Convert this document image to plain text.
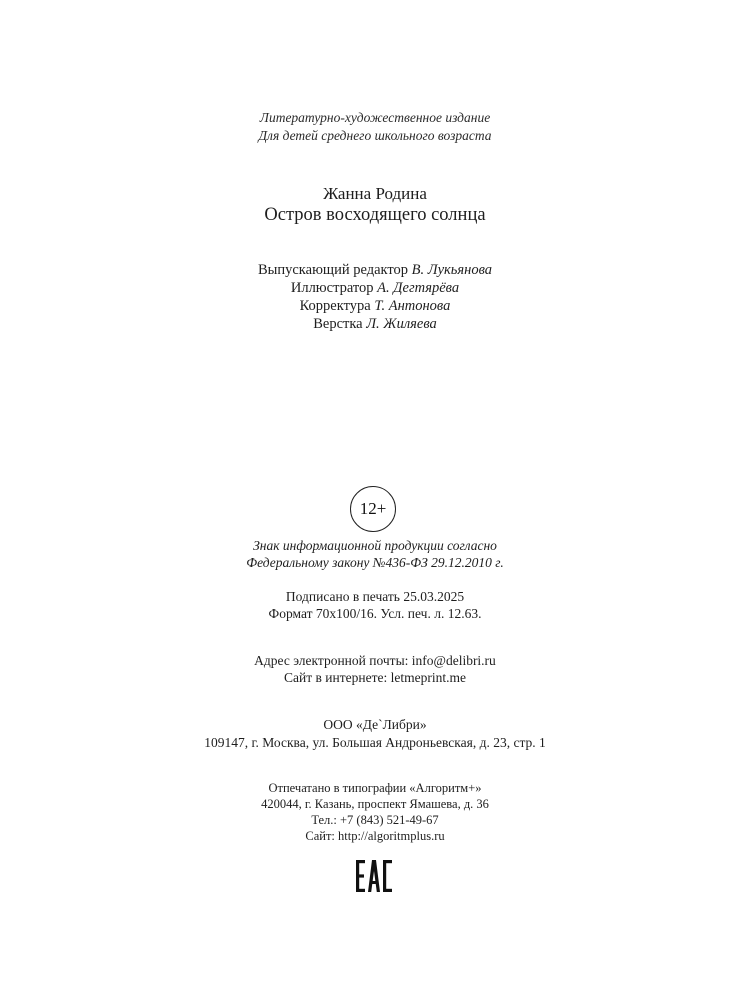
Литературно-художественное издание
Для детей среднего школьного возраста
Жанна Родина
Остров восходящего солнца
Выпускающий редактор В. Лукьянова
Иллюстратор А. Дегтярёва
Корректура Т. Антонова
Верстка Л. Жиляева
12+
Знак информационной продукции согласно
Федеральному закону №436-ФЗ 29.12.2010 г.
Подписано в печать 25.03.2025
Формат 70х100/16. Усл. печ. л. 12.63.
Адрес электронной почты: info@delibri.ru
Сайт в интернете: letmeprint.me
ООО «Де`Либри»
109147, г. Москва, ул. Большая Андроньевская, д. 23, стр. 1
Отпечатано в типографии «Алгоритм+»
420044, г. Казань, проспект Ямашева, д. 36
Тел.: +7 (843) 521-49-67
Сайт: http://algoritmplus.ru
